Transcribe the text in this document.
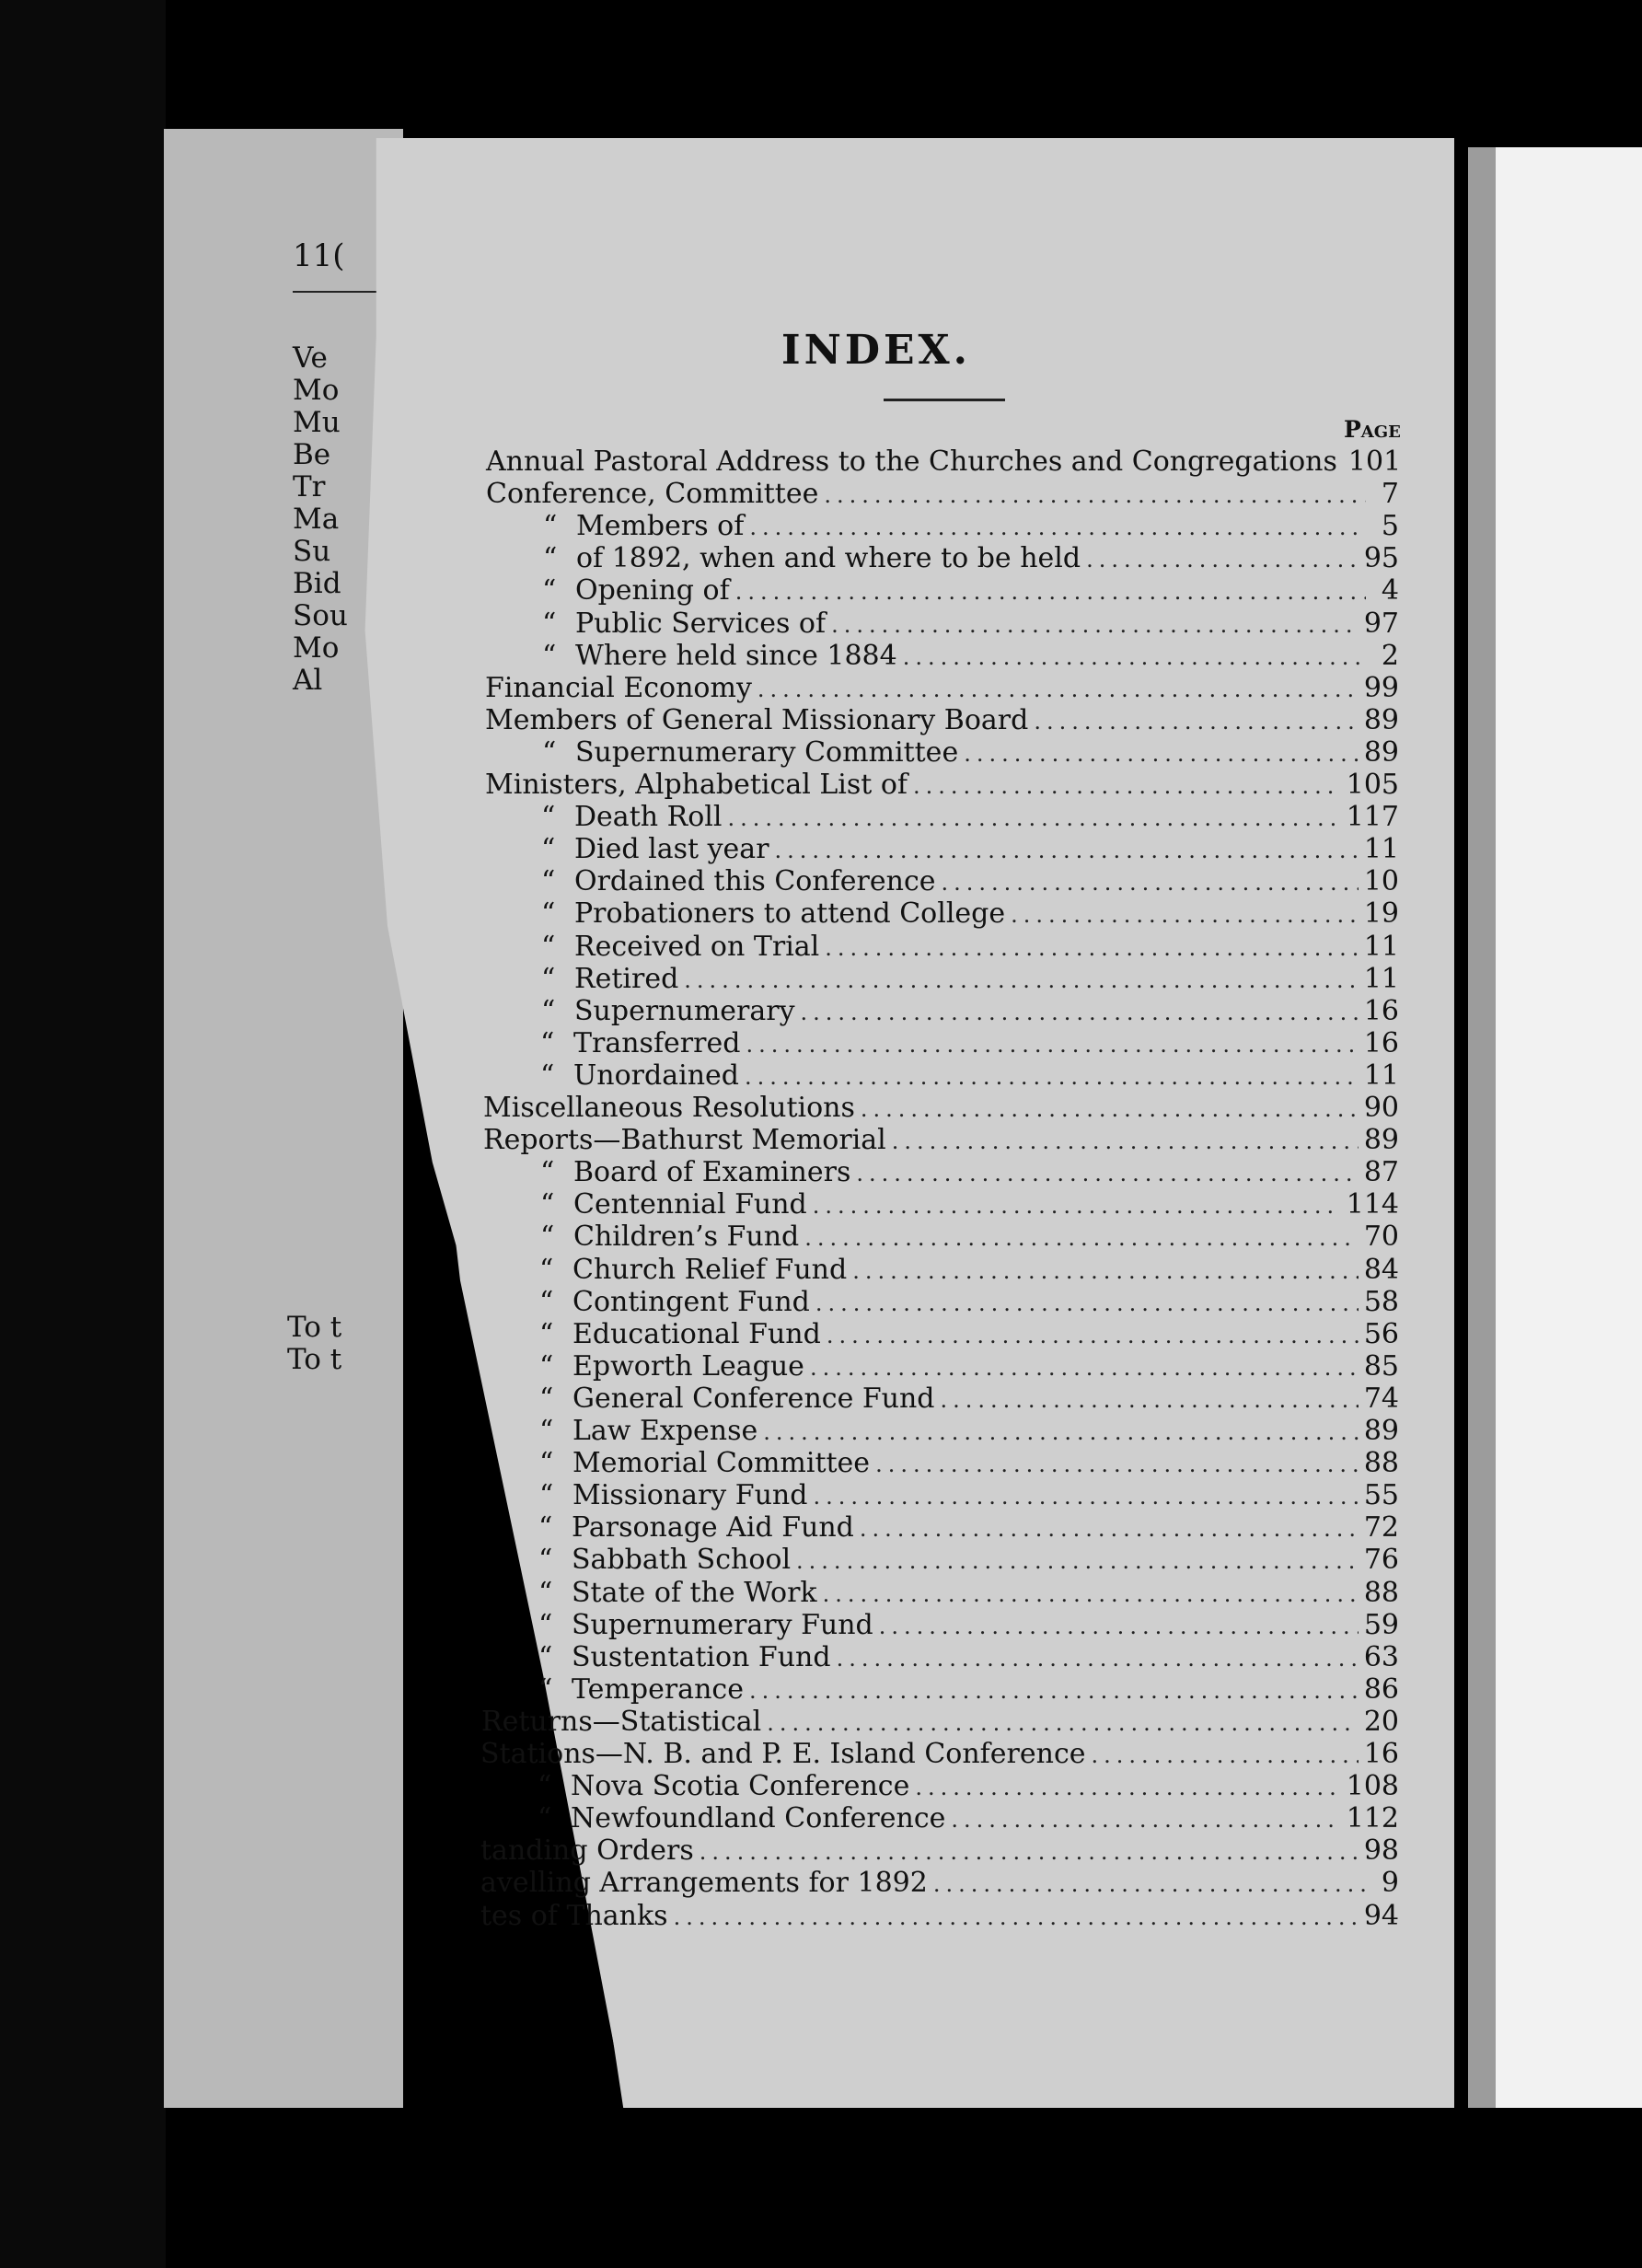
11(
Ve
Mo
Mu
Be
Tr
Ma
Su
Bid
Sou
Mo
Al
To t
To t
INDEX.
Page
Annual Pastoral Address to the Churches and Congregations 101
Conference, Committee .....	7
“ Members of .....	5
“ of 1892, when and where to be held .....	95
“ Opening of .....	4
“ Public Services of .....	97
“ Where held since 1884 .....	2
Financial Economy .....	99
Members of General Missionary Board .....	89
“ Supernumerary Committee .....	89
Ministers, Alphabetical List of .....	105
“ Death Roll .....	117
“ Died last year .....	11
“ Ordained this Conference .....	10
“ Probationers to attend College .....	19
“ Received on Trial .....	11
“ Retired .....	11
“ Supernumerary .....	16
“ Transferred .....	16
“ Unordained .....	11
Miscellaneous Resolutions .....	90
Reports—Bathurst Memorial .....	89
“ Board of Examiners .....	87
“ Centennial Fund .....	114
“ Children’s Fund .....	70
“ Church Relief Fund .....	84
“ Contingent Fund .....	58
“ Educational Fund .....	56
“ Epworth League .....	85
“ General Conference Fund .....	74
“ Law Expense .....	89
“ Memorial Committee .....	88
“ Missionary Fund .....	55
“ Parsonage Aid Fund .....	72
“ Sabbath School .....	76
“ State of the Work .....	88
“ Supernumerary Fund .....	59
“ Sustentation Fund .....	63
“ Temperance .....	86
Returns—Statistical .....	20
Stations—N. B. and P. E. Island Conference .....	16
“ Nova Scotia Conference .....	108
“ Newfoundland Conference .....	112
tanding Orders .....	98
avelling Arrangements for 1892 .....	9
tes of Thanks .....	94
